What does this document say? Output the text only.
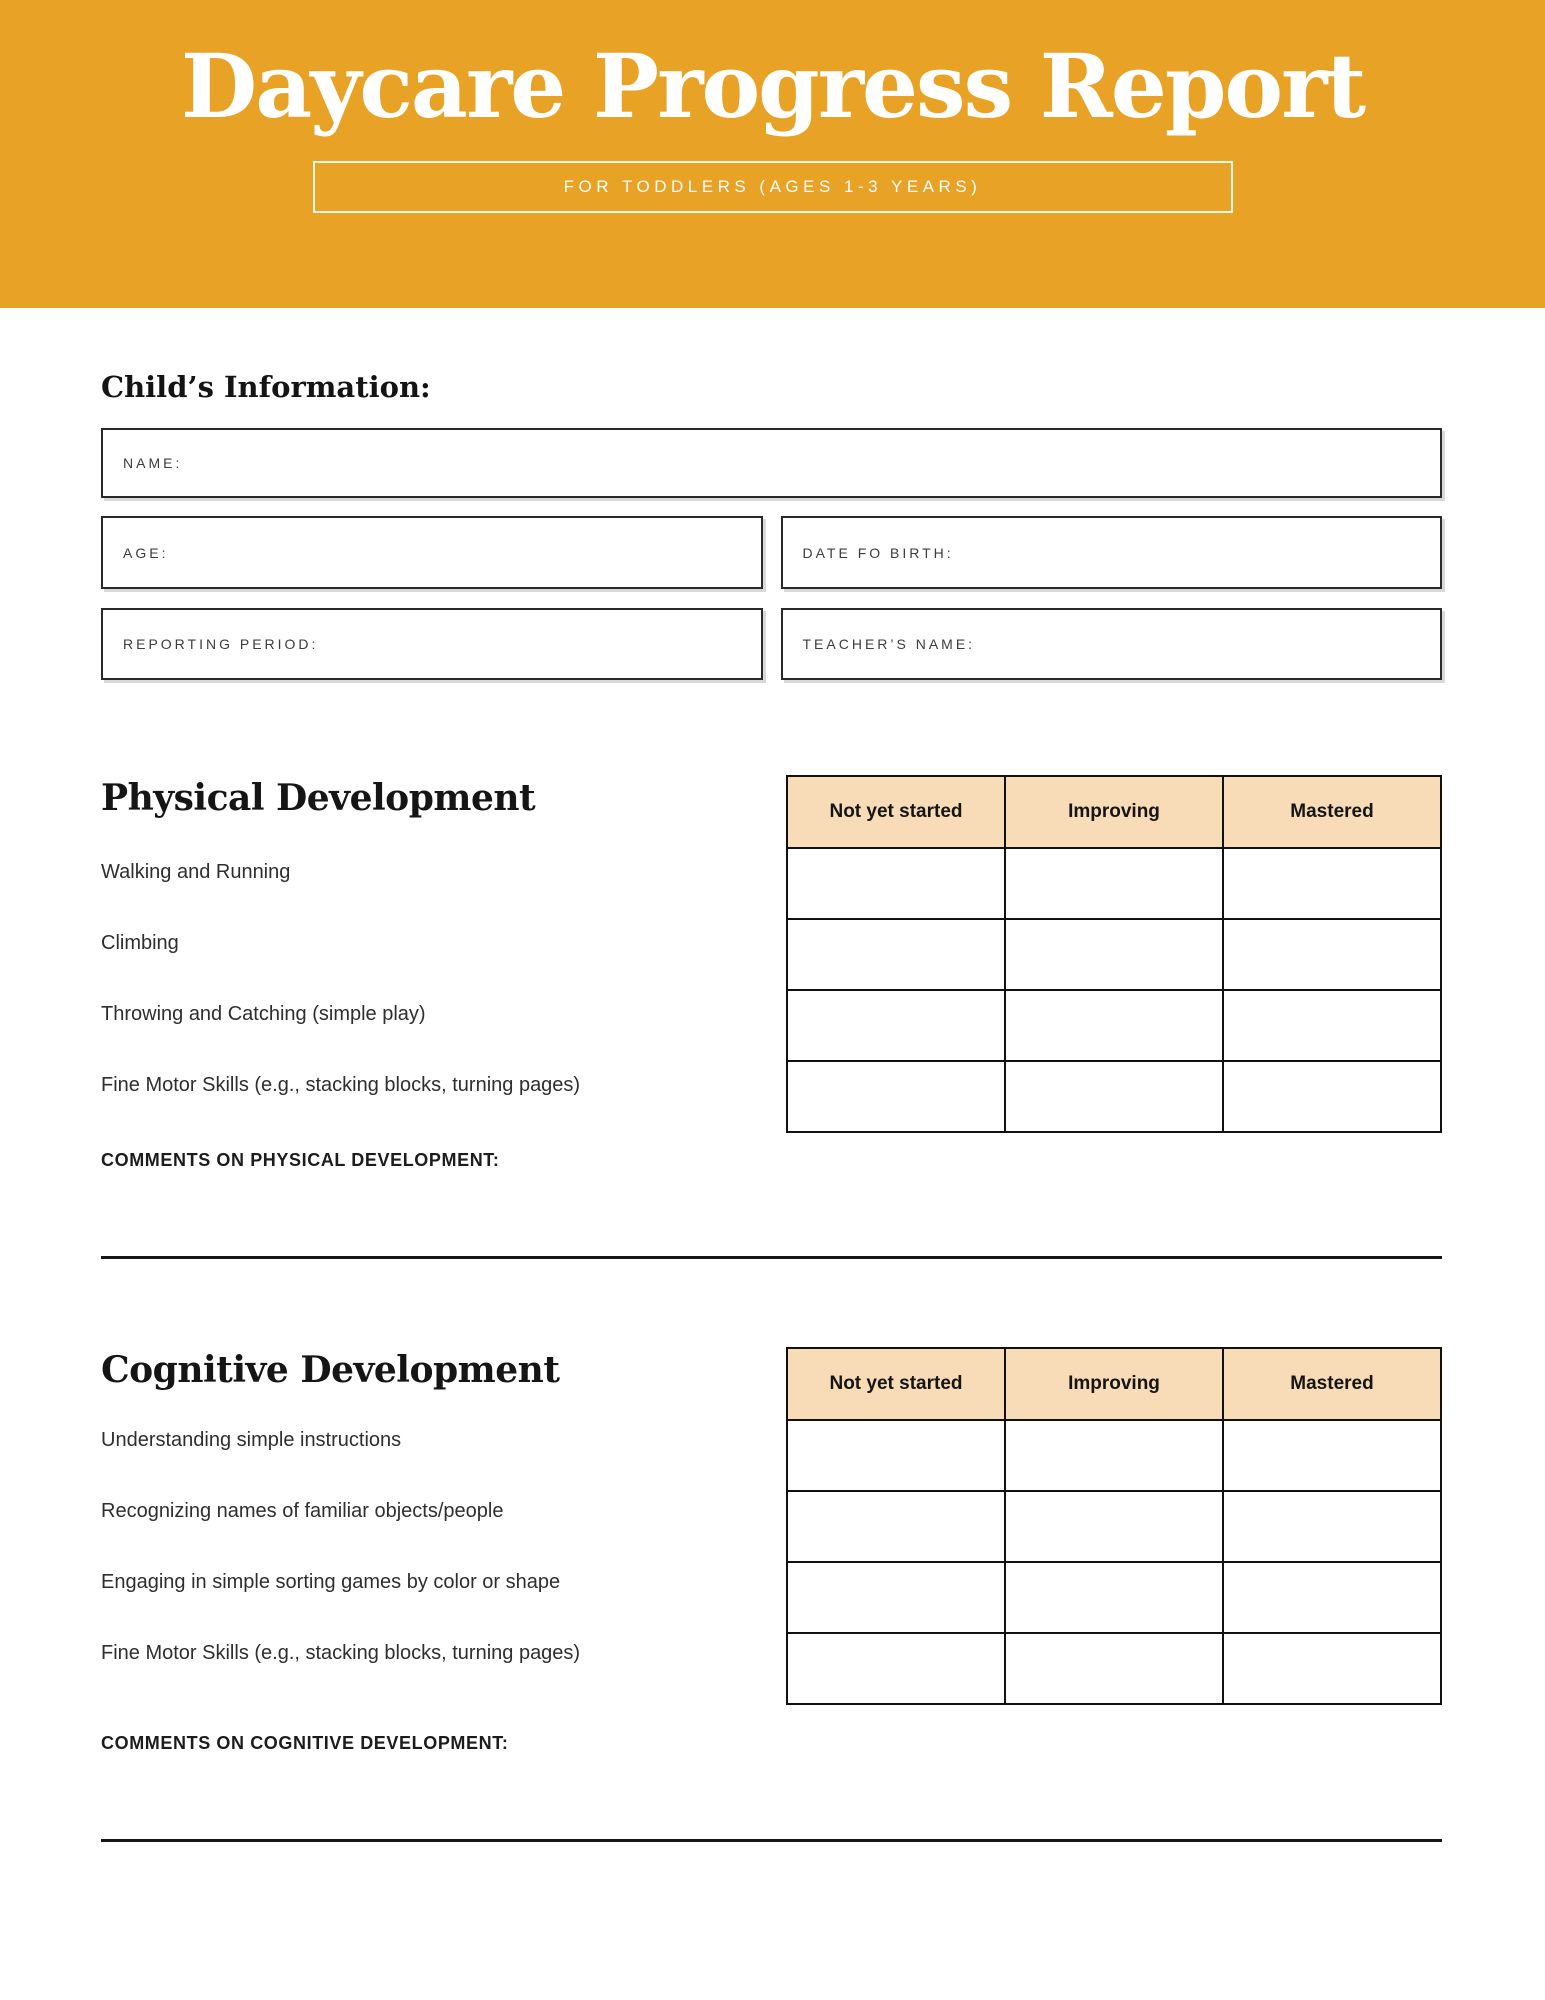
Daycare Progress Report
FOR TODDLERS (AGES 1-3 YEARS)
Child’s Information:
NAME:
AGE:	DATE FO BIRTH:
REPORTING PERIOD:	TEACHER’S NAME:
Physical Development
Walking and Running
Climbing
Throwing and Catching (simple play)
Fine Motor Skills (e.g., stacking blocks, turning pages)
Not yet started	Improving	Mastered

COMMENTS ON PHYSICAL DEVELOPMENT:
Cognitive Development
Understanding simple instructions
Recognizing names of familiar objects/people
Engaging in simple sorting games by color or shape
Fine Motor Skills (e.g., stacking blocks, turning pages)
Not yet started	Improving	Mastered

COMMENTS ON COGNITIVE DEVELOPMENT:
